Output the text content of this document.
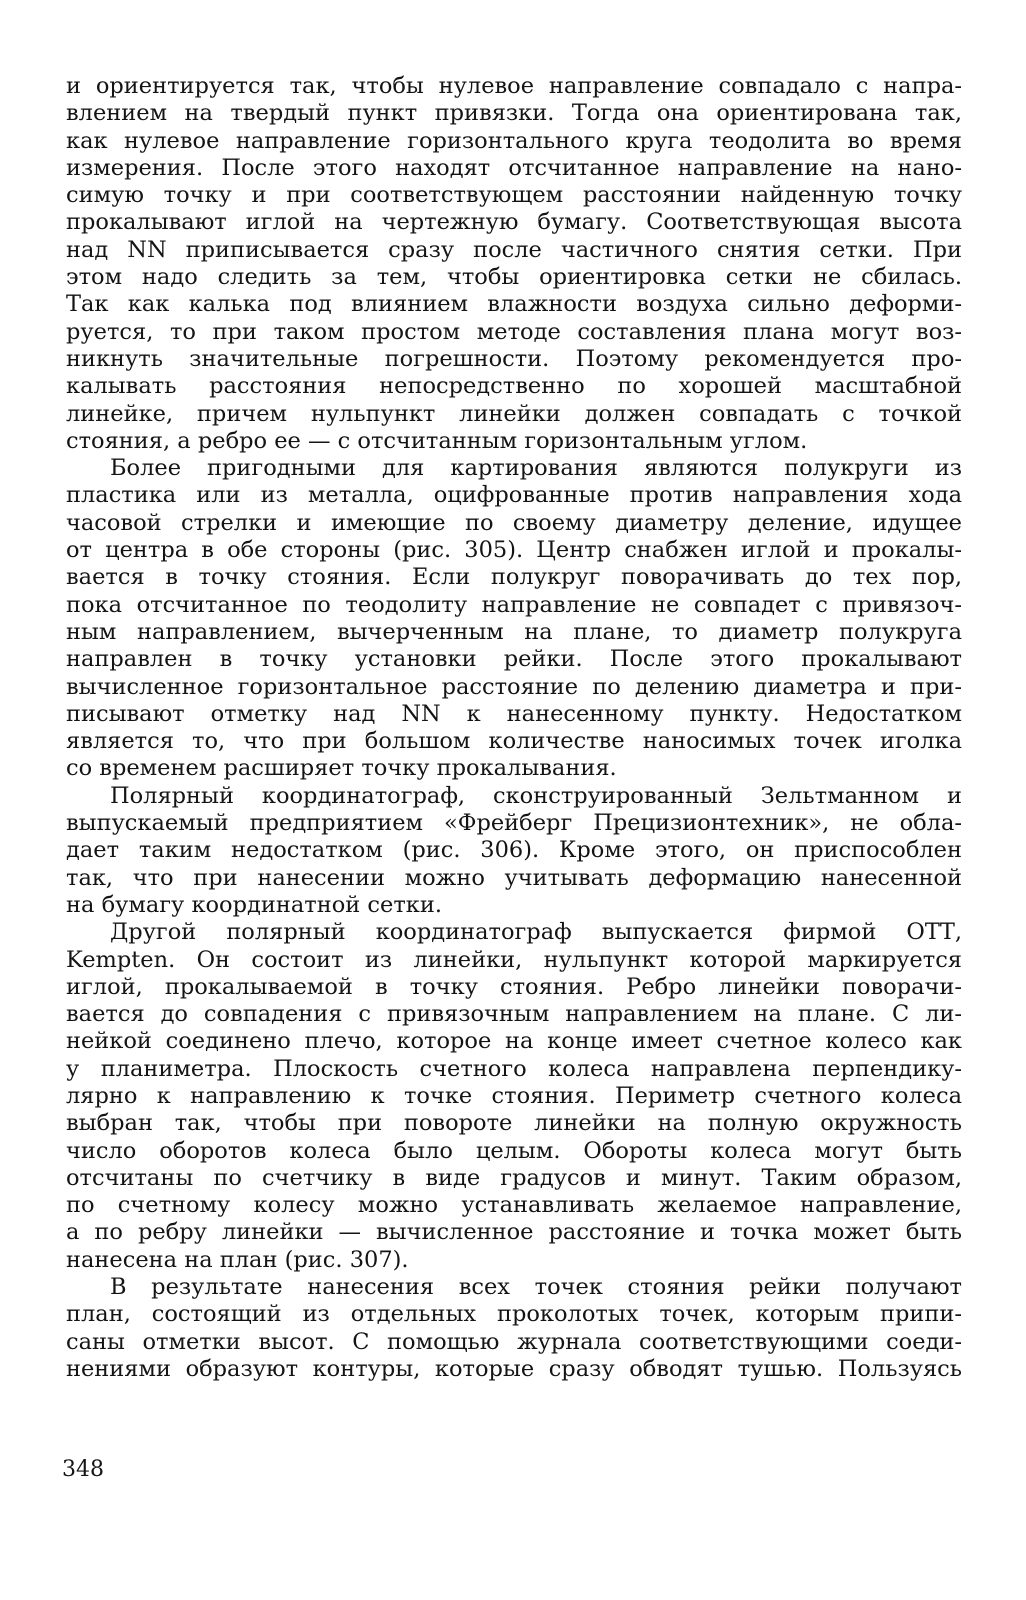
и ориентируется так, чтобы нулевое направление совпадало с напра-
влением на твердый пункт привязки. Тогда она ориентирована так,
как нулевое направление горизонтального круга теодолита во время
измерения. После этого находят отсчитанное направление на нано-
симую точку и при соответствующем расстоянии найденную точку
прокалывают иглой на чертежную бумагу. Соответствующая высота
над NN приписывается сразу после частичного снятия сетки. При
этом надо следить за тем, чтобы ориентировка сетки не сбилась.
Так как калька под влиянием влажности воздуха сильно деформи-
руется, то при таком простом методе составления плана могут воз-
никнуть значительные погрешности. Поэтому рекомендуется про-
калывать расстояния непосредственно по хорошей масштабной
линейке, причем нульпункт линейки должен совпадать с точкой
стояния, а ребро ее — с отсчитанным горизонтальным углом.
Более пригодными для картирования являются полукруги из
пластика или из металла, оцифрованные против направления хода
часовой стрелки и имеющие по своему диаметру деление, идущее
от центра в обе стороны (рис. 305). Центр снабжен иглой и прокалы-
вается в точку стояния. Если полукруг поворачивать до тех пор,
пока отсчитанное по теодолиту направление не совпадет с привязоч-
ным направлением, вычерченным на плане, то диаметр полукруга
направлен в точку установки рейки. После этого прокалывают
вычисленное горизонтальное расстояние по делению диаметра и при-
писывают отметку над NN к нанесенному пункту. Недостатком
является то, что при большом количестве наносимых точек иголка
со временем расширяет точку прокалывания.
Полярный координатограф, сконструированный Зельтманном и
выпускаемый предприятием «Фрейберг Прецизионтехник», не обла-
дает таким недостатком (рис. 306). Кроме этого, он приспособлен
так, что при нанесении можно учитывать деформацию нанесенной
на бумагу координатной сетки.
Другой полярный координатограф выпускается фирмой ОТТ,
Kempten. Он состоит из линейки, нульпункт которой маркируется
иглой, прокалываемой в точку стояния. Ребро линейки поворачи-
вается до совпадения с привязочным направлением на плане. С ли-
нейкой соединено плечо, которое на конце имеет счетное колесо как
у планиметра. Плоскость счетного колеса направлена перпендику-
лярно к направлению к точке стояния. Периметр счетного колеса
выбран так, чтобы при повороте линейки на полную окружность
число оборотов колеса было целым. Обороты колеса могут быть
отсчитаны по счетчику в виде градусов и минут. Таким образом,
по счетному колесу можно устанавливать желаемое направление,
а по ребру линейки — вычисленное расстояние и точка может быть
нанесена на план (рис. 307).
В результате нанесения всех точек стояния рейки получают
план, состоящий из отдельных проколотых точек, которым припи-
саны отметки высот. С помощью журнала соответствующими соеди-
нениями образуют контуры, которые сразу обводят тушью. Пользуясь
348
